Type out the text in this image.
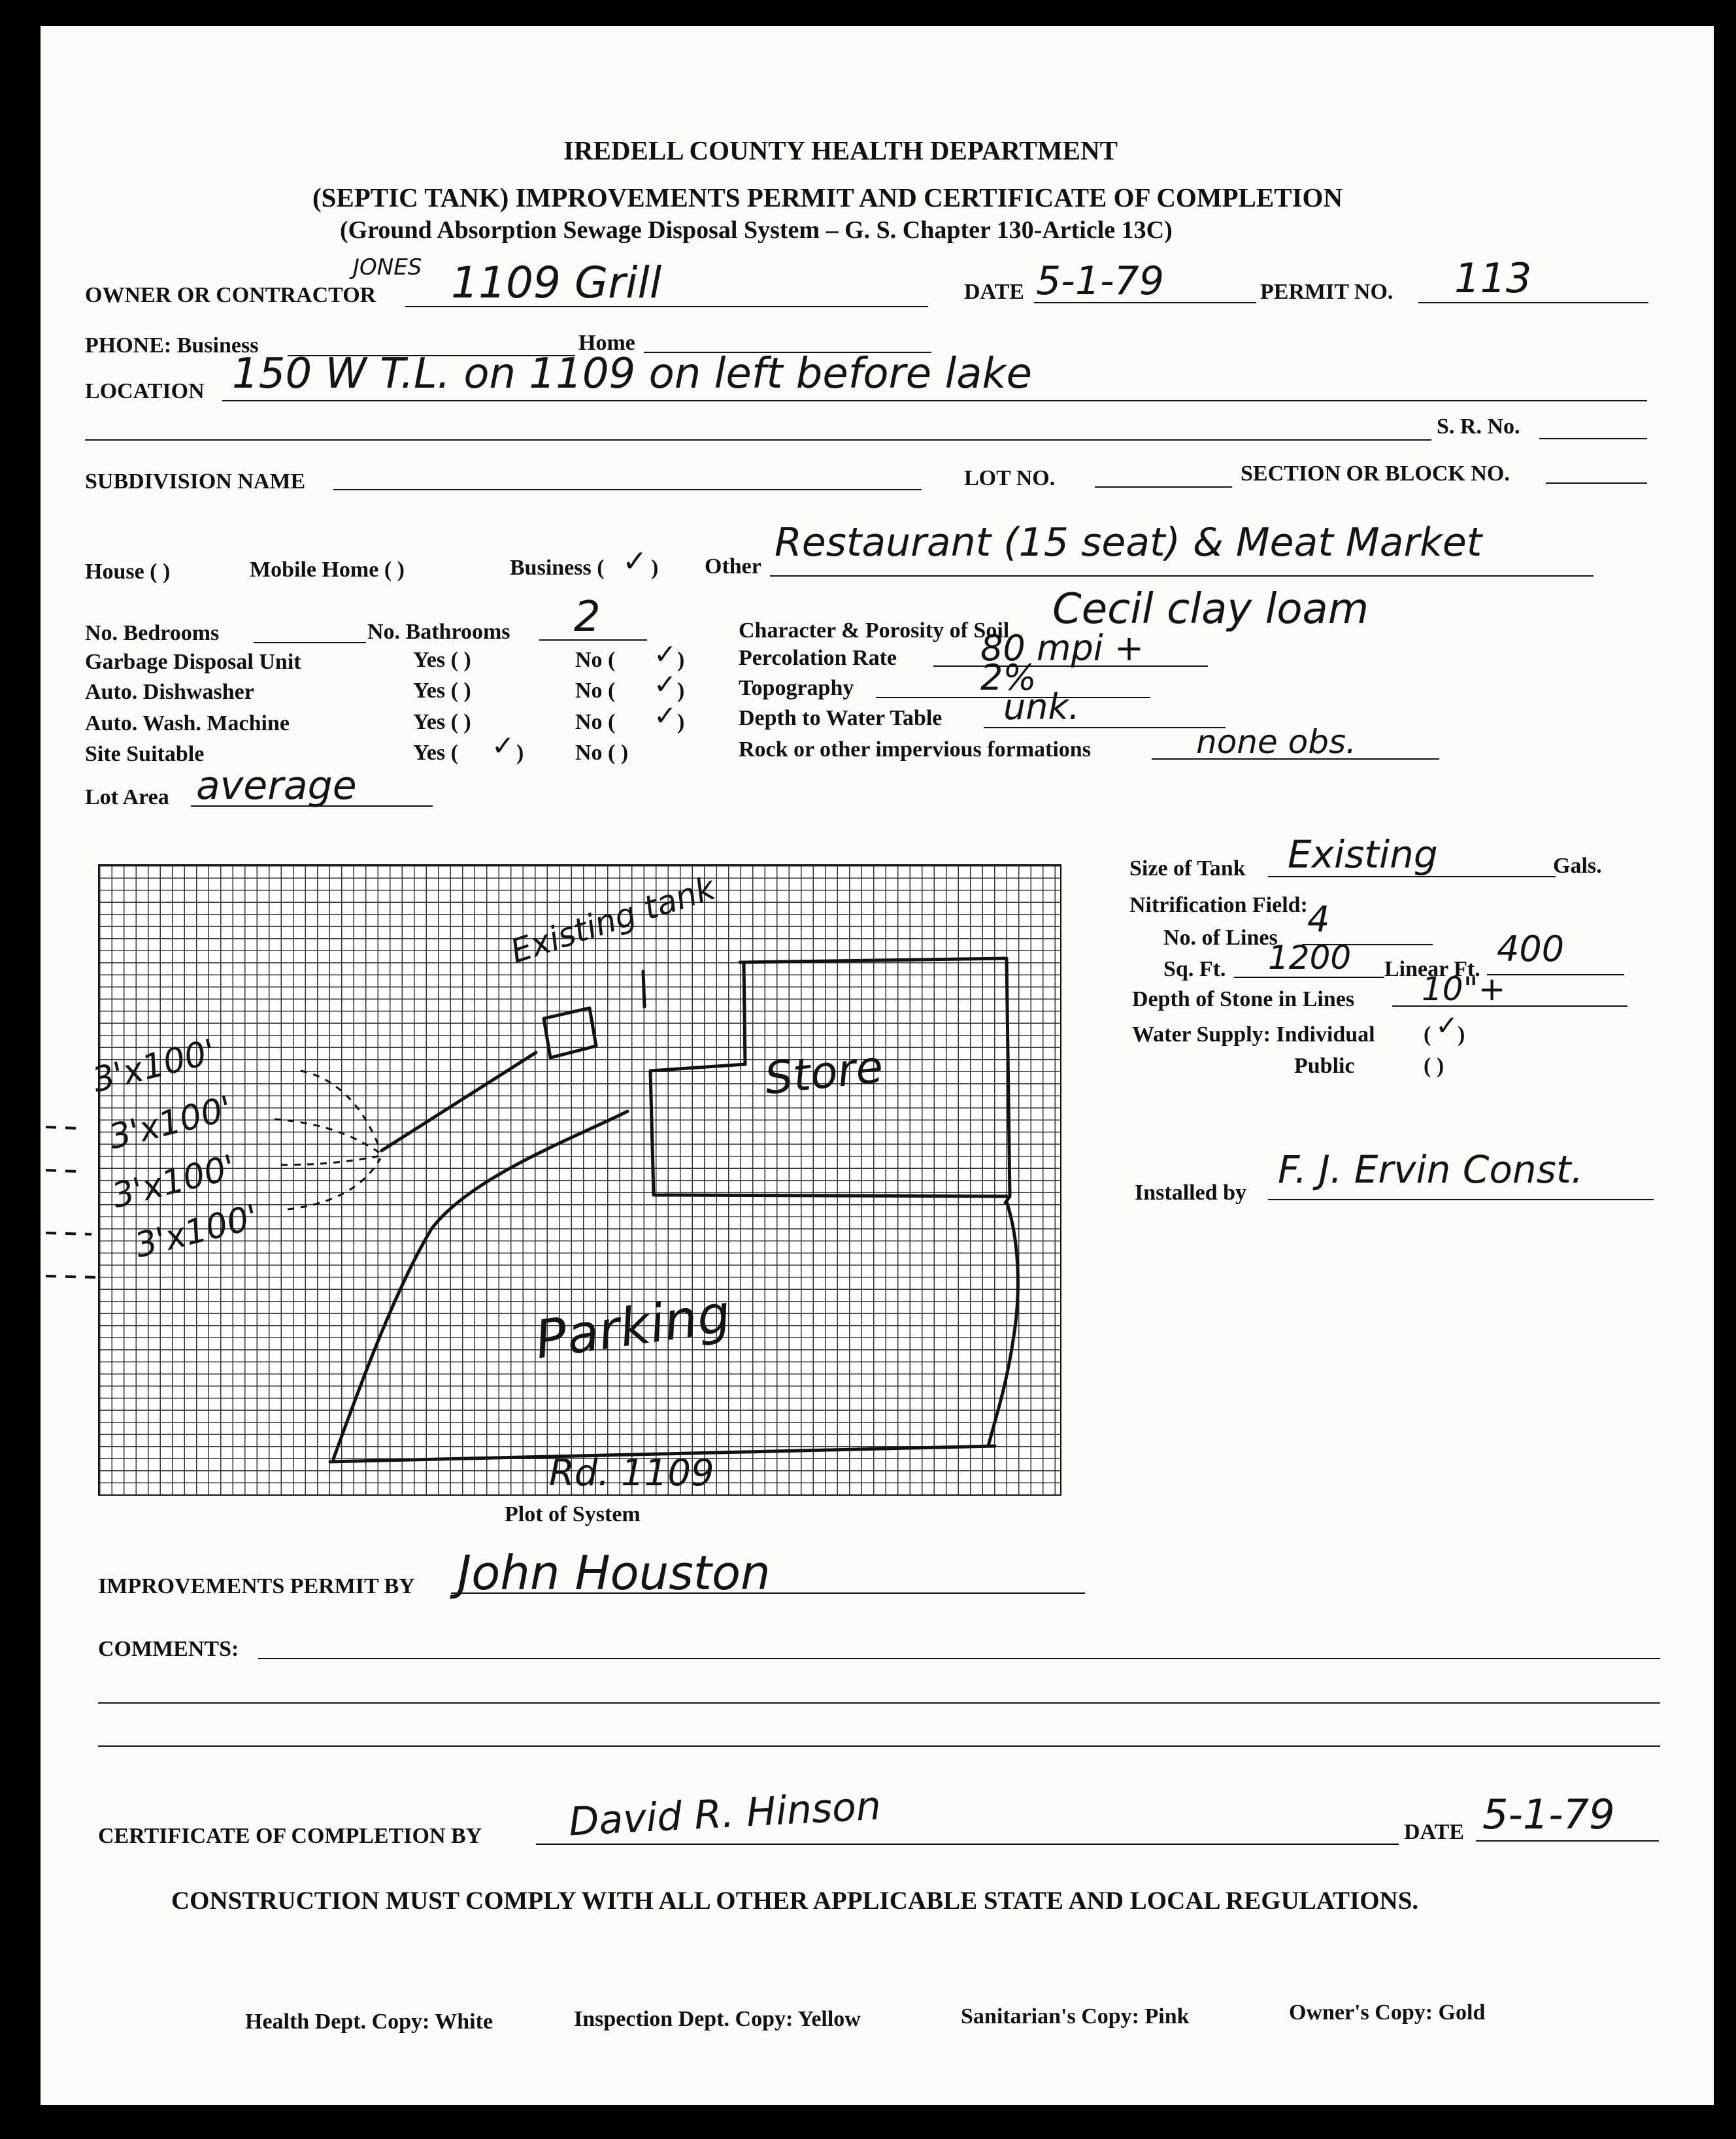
IREDELL COUNTY HEALTH DEPARTMENT
(SEPTIC TANK) IMPROVEMENTS PERMIT AND CERTIFICATE OF COMPLETION
(Ground Absorption Sewage Disposal System – G. S. Chapter 130-Article 13C)
OWNER OR CONTRACTOR
JONES 1109 Grill	DATE 5-1-79	PERMIT NO. 113
PHONE: Business	Home
LOCATION 150 W T.L. on 1109 on left before lake
S. R. No.
SUBDIVISION NAME	LOT NO.	SECTION OR BLOCK NO.
House ( )	Mobile Home ( )	Business ( ✓ ) Other
Restaurant (15 seat) & Meat Market
No. Bedrooms	No. Bathrooms 2
Garbage Disposal Unit	Yes ( )	No ( ✓ )
Auto. Dishwasher	Yes ( )	No ( ✓ )
Auto. Wash. Machine	Yes ( )	No ( ✓ )
Site Suitable	Yes ( ✓ ) No ( )
Lot Area average
Character & Porosity of Soil Cecil clay loam
Percolation Rate 80 mpi +
Topography	2%
Depth to Water Table unk.
Rock or other impervious formations	none obs.
Existing tank
Store
Parking
Rd. 1109
3'x100'
3'x100'
3'x100'
3'x100'
Plot of System
Size of Tank Existing	Gals.
Nitrification Field:
No. of Lines 4
Sq. Ft. 1200 Linear Ft. 400
Depth of Stone in Lines 10"+
Water Supply: Individual ( ✓
)
Public	( )
Installed by
F. J. Ervin Const.
IMPROVEMENTS PERMIT BY John Houston
COMMENTS:
CERTIFICATE OF COMPLETION BY David R. Hinson	DATE 5-1-79
CONSTRUCTION MUST COMPLY WITH ALL OTHER APPLICABLE STATE AND LOCAL REGULATIONS.
Health Dept. Copy: White	Inspection Dept. Copy: Yellow	Sanitarian's Copy: Pink	Owner's Copy: Gold
